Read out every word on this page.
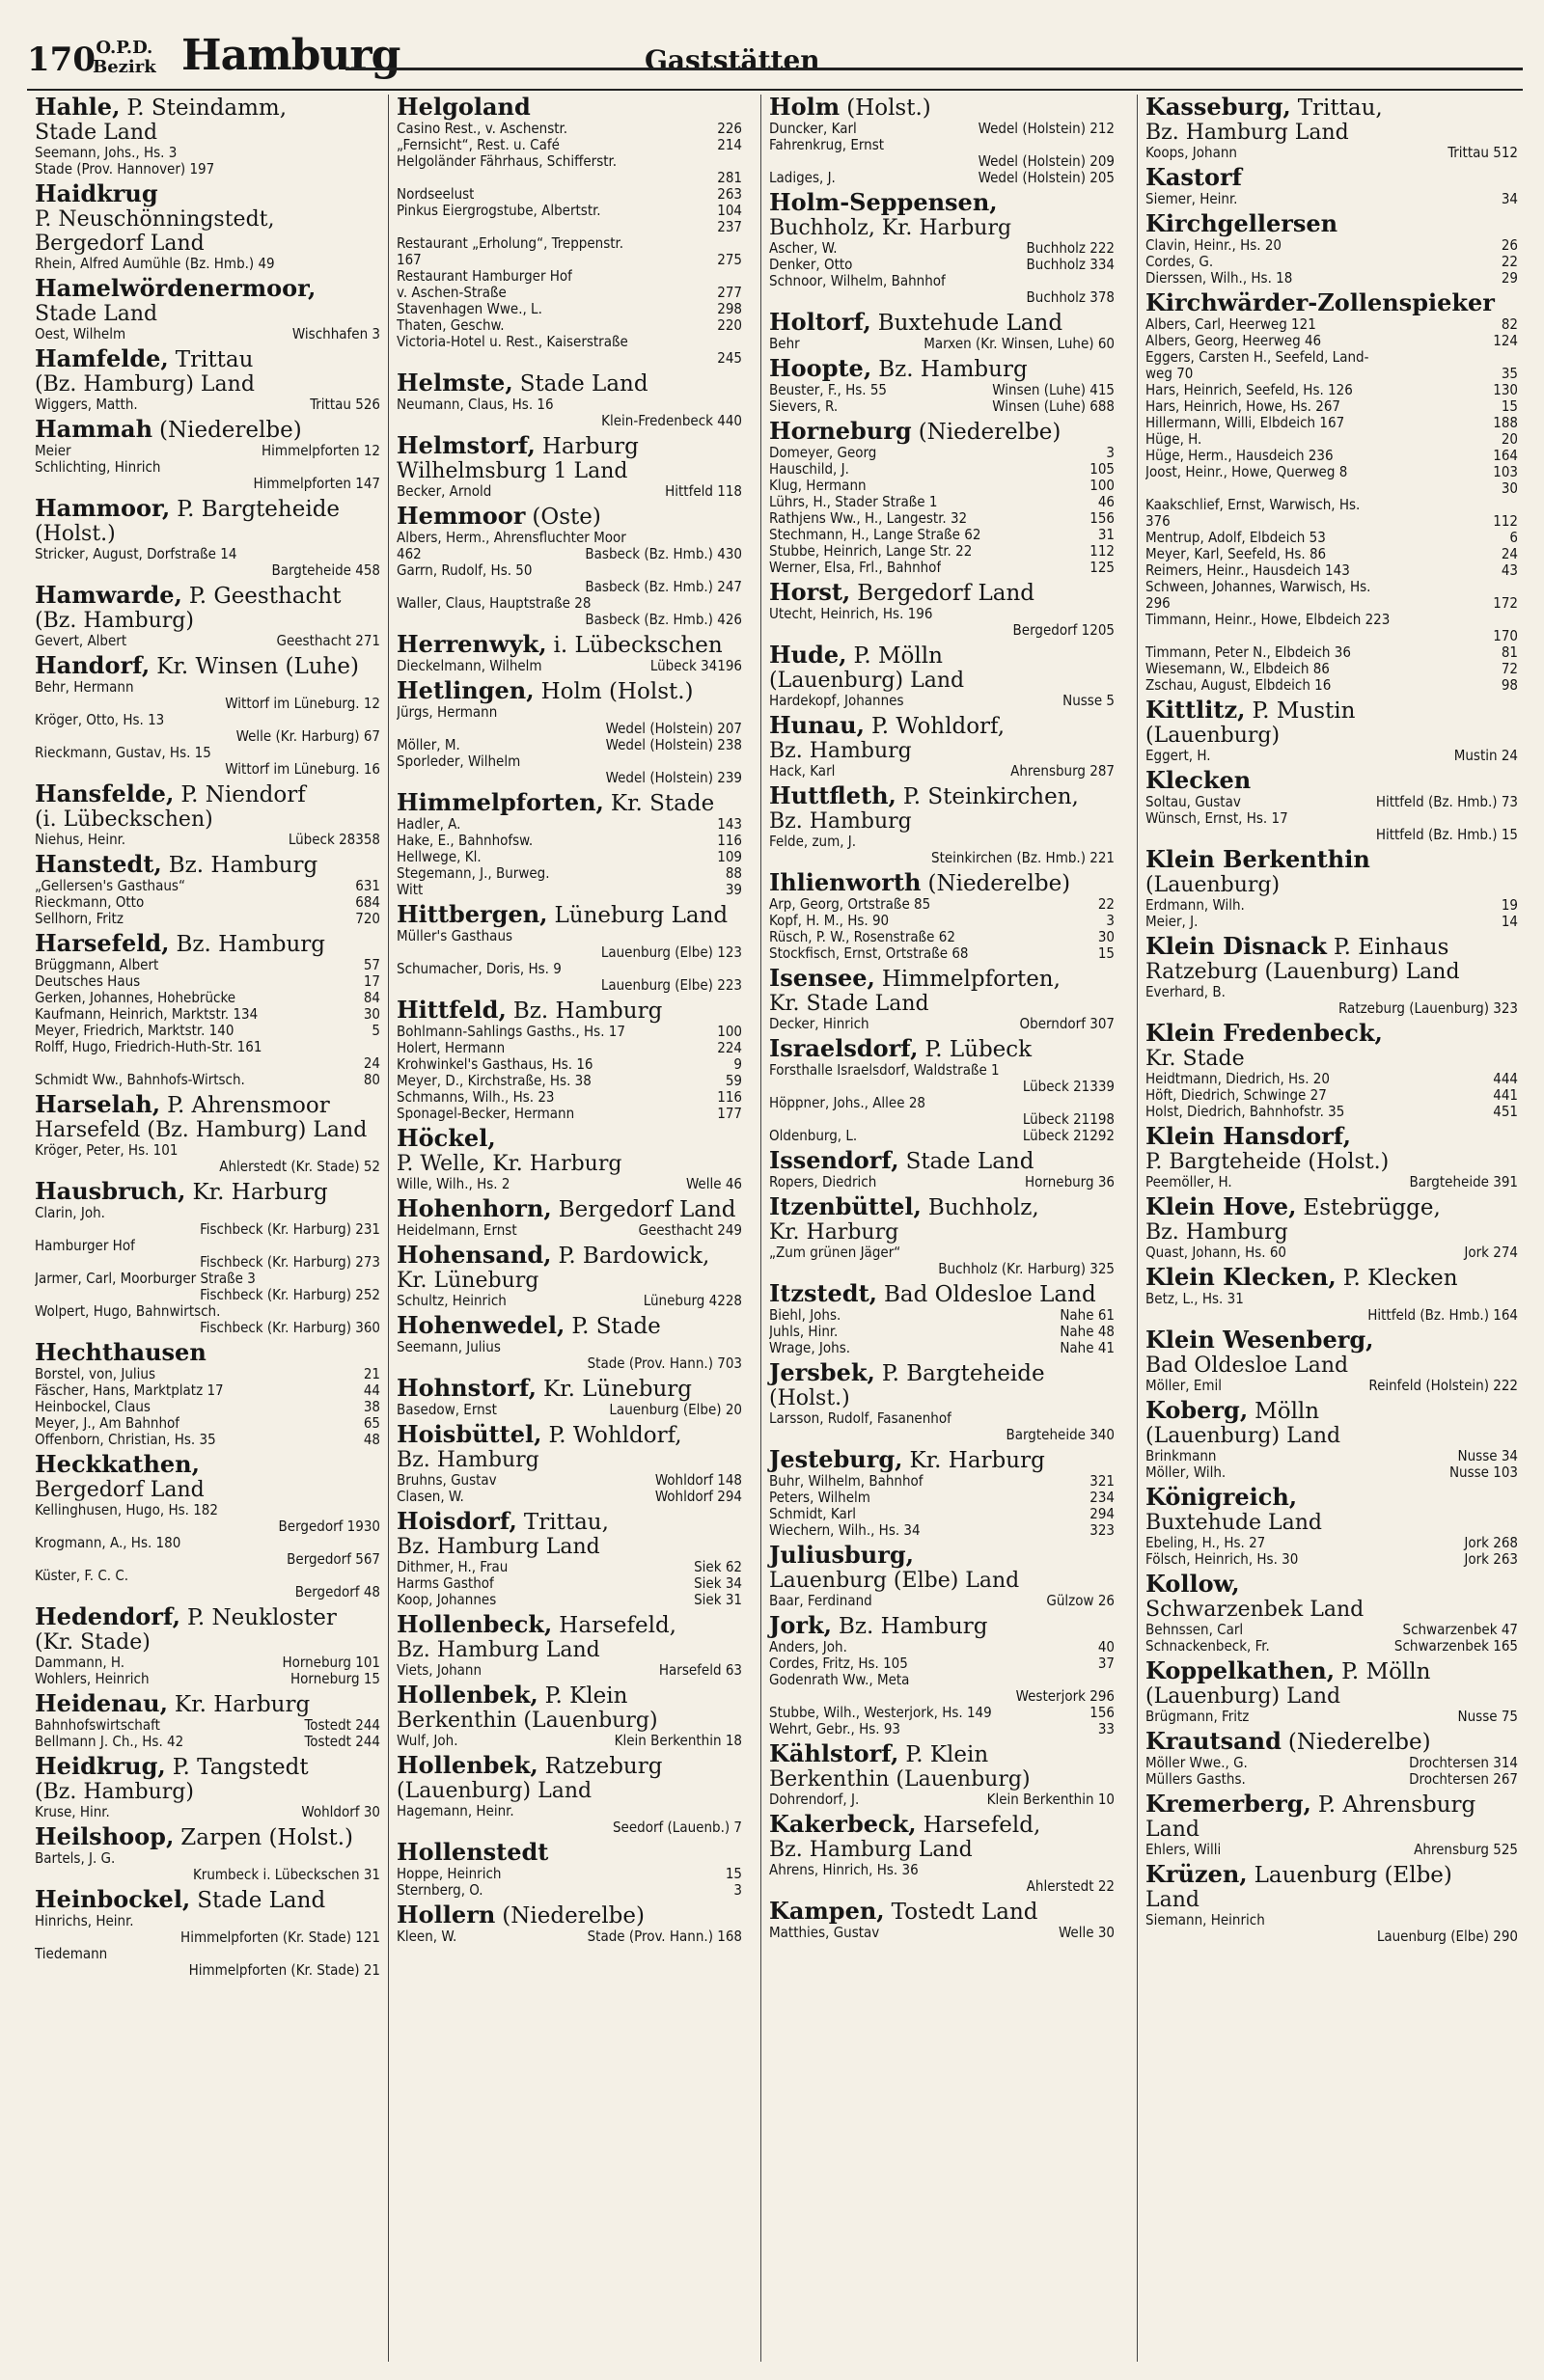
170 O.P.D.
Bezirk Hamburg	Gaststätten
Hahle, P. Steindamm,
Stade Land
Seemann, Johs., Hs. 3
Stade (Prov. Hannover) 197
Haidkrug
P. Neuschönningstedt, Bergedorf Land
Rhein, Alfred Aumühle (Bz. Hmb.) 49
Hamelwördenermoor,
Stade Land
Oest, Wilhelm	Wischhafen 3
Hamfelde, Trittau
(Bz. Hamburg) Land
Wiggers, Matth.	Trittau 526
Hammah (Niederelbe)
Meier	Himmelpforten 12
Schlichting, Hinrich
Himmelpforten 147
Hammoor, P. Bargteheide
(Holst.)
Stricker, August, Dorfstraße 14
Bargteheide 458
Hamwarde, P. Geesthacht
(Bz. Hamburg)
Gevert, Albert	Geesthacht 271
Handorf, Kr. Winsen (Luhe)
Behr, Hermann
Wittorf im Lüneburg. 12
Kröger, Otto, Hs. 13
Welle (Kr. Harburg) 67
Rieckmann, Gustav, Hs. 15
Wittorf im Lüneburg. 16
Hansfelde, P. Niendorf
(i. Lübeckschen)
Niehus, Heinr.	Lübeck 28358
Hanstedt, Bz. Hamburg
„Gellersen's Gasthaus“	631
Rieckmann, Otto	684
Sellhorn, Fritz	720
Harsefeld, Bz. Hamburg
Brüggmann, Albert	57
Deutsches Haus	17
Gerken, Johannes, Hohebrücke	84
Kaufmann, Heinrich, Marktstr. 134	30
Meyer, Friedrich, Marktstr. 140	5
Rolff, Hugo, Friedrich-Huth-Str. 161
24
Schmidt Ww., Bahnhofs-Wirtsch.	80
Harselah, P. Ahrensmoor
Harsefeld (Bz. Hamburg) Land
Kröger, Peter, Hs. 101
Ahlerstedt (Kr. Stade) 52
Hausbruch, Kr. Harburg
Clarin, Joh.
Fischbeck (Kr. Harburg) 231
Hamburger Hof
Fischbeck (Kr. Harburg) 273
Jarmer, Carl, Moorburger Straße 3
Fischbeck (Kr. Harburg) 252
Wolpert, Hugo, Bahnwirtsch.
Fischbeck (Kr. Harburg) 360
Hechthausen
Borstel, von, Julius	21
Fäscher, Hans, Marktplatz 17	44
Heinbockel, Claus	38
Meyer, J., Am Bahnhof	65
Offenborn, Christian, Hs. 35	48
Heckkathen,
Bergedorf Land
Kellinghusen, Hugo, Hs. 182
Bergedorf 1930
Krogmann, A., Hs. 180
Bergedorf 567
Küster, F. C. C.
Bergedorf 48
Hedendorf, P. Neukloster
(Kr. Stade)
Dammann, H.	Horneburg 101
Wohlers, Heinrich	Horneburg 15
Heidenau, Kr. Harburg
Bahnhofswirtschaft	Tostedt 244
Bellmann J. Ch., Hs. 42	Tostedt 244
Heidkrug, P. Tangstedt
(Bz. Hamburg)
Kruse, Hinr.	Wohldorf 30
Heilshoop, Zarpen (Holst.)
Bartels, J. G.
Krumbeck i. Lübeckschen 31
Heinbockel, Stade Land
Hinrichs, Heinr.
Himmelpforten (Kr. Stade) 121
Tiedemann
Himmelpforten (Kr. Stade) 21
Helgoland
Casino Rest., v. Aschenstr.	226
„Fernsicht“, Rest. u. Café	214
Helgoländer Fährhaus, Schifferstr.
281
Nordseelust	263
Pinkus Eiergrogstube, Albertstr.	104
237
Restaurant „Erholung“, Treppenstr.
167	275
Restaurant Hamburger Hof
v. Aschen-Straße	277
Stavenhagen Wwe., L.	298
Thaten, Geschw.	220
Victoria-Hotel u. Rest., Kaiserstraße
245
Helmste, Stade Land
Neumann, Claus, Hs. 16
Klein-Fredenbeck 440
Helmstorf, Harburg
Wilhelmsburg 1 Land
Becker, Arnold	Hittfeld 118
Hemmoor (Oste)
Albers, Herm., Ahrensfluchter Moor
462	Basbeck (Bz. Hmb.) 430
Garrn, Rudolf, Hs. 50
Basbeck (Bz. Hmb.) 247
Waller, Claus, Hauptstraße 28
Basbeck (Bz. Hmb.) 426
Herrenwyk, i. Lübeckschen
Dieckelmann, Wilhelm	Lübeck 34196
Hetlingen, Holm (Holst.)
Jürgs, Hermann
Wedel (Holstein) 207
Möller, M.	Wedel (Holstein) 238
Sporleder, Wilhelm
Wedel (Holstein) 239
Himmelpforten, Kr. Stade
Hadler, A.	143
Hake, E., Bahnhofsw.	116
Hellwege, Kl.	109
Stegemann, J., Burweg.	88
Witt	39
Hittbergen, Lüneburg Land
Müller's Gasthaus
Lauenburg (Elbe) 123
Schumacher, Doris, Hs. 9
Lauenburg (Elbe) 223
Hittfeld, Bz. Hamburg
Bohlmann-Sahlings Gasths., Hs. 17	100
Holert, Hermann	224
Krohwinkel's Gasthaus, Hs. 16	9
Meyer, D., Kirchstraße, Hs. 38	59
Schmanns, Wilh., Hs. 23	116
Sponagel-Becker, Hermann	177
Höckel,
P. Welle, Kr. Harburg
Wille, Wilh., Hs. 2	Welle 46
Hohenhorn, Bergedorf Land
Heidelmann, Ernst	Geesthacht 249
Hohensand, P. Bardowick,
Kr. Lüneburg
Schultz, Heinrich	Lüneburg 4228
Hohenwedel, P. Stade
Seemann, Julius
Stade (Prov. Hann.) 703
Hohnstorf, Kr. Lüneburg
Basedow, Ernst	Lauenburg (Elbe) 20
Hoisbüttel, P. Wohldorf,
Bz. Hamburg
Bruhns, Gustav	Wohldorf 148
Clasen, W.	Wohldorf 294
Hoisdorf, Trittau,
Bz. Hamburg Land
Dithmer, H., Frau	Siek 62
Harms Gasthof	Siek 34
Koop, Johannes	Siek 31
Hollenbeck, Harsefeld,
Bz. Hamburg Land
Viets, Johann	Harsefeld 63
Hollenbek, P. Klein
Berkenthin (Lauenburg)
Wulf, Joh.	Klein Berkenthin 18
Hollenbek, Ratzeburg
(Lauenburg) Land
Hagemann, Heinr.
Seedorf (Lauenb.) 7
Hollenstedt
Hoppe, Heinrich	15
Sternberg, O.	3
Hollern (Niederelbe)
Kleen, W.	Stade (Prov. Hann.) 168
Holm (Holst.)
Duncker, Karl	Wedel (Holstein) 212
Fahrenkrug, Ernst
Wedel (Holstein) 209
Ladiges, J.	Wedel (Holstein) 205
Holm-Seppensen,
Buchholz, Kr. Harburg
Ascher, W.	Buchholz 222
Denker, Otto	Buchholz 334
Schnoor, Wilhelm, Bahnhof
Buchholz 378
Holtorf, Buxtehude Land
Behr	Marxen (Kr. Winsen, Luhe) 60
Hoopte, Bz. Hamburg
Beuster, F., Hs. 55	Winsen (Luhe) 415
Sievers, R.	Winsen (Luhe) 688
Horneburg (Niederelbe)
Domeyer, Georg	3
Hauschild, J.	105
Klug, Hermann	100
Lührs, H., Stader Straße 1	46
Rathjens Ww., H., Langestr. 32	156
Stechmann, H., Lange Straße 62	31
Stubbe, Heinrich, Lange Str. 22	112
Werner, Elsa, Frl., Bahnhof	125
Horst, Bergedorf Land
Utecht, Heinrich, Hs. 196
Bergedorf 1205
Hude, P. Mölln
(Lauenburg) Land
Hardekopf, Johannes	Nusse 5
Hunau, P. Wohldorf,
Bz. Hamburg
Hack, Karl	Ahrensburg 287
Huttfleth, P. Steinkirchen,
Bz. Hamburg
Felde, zum, J.
Steinkirchen (Bz. Hmb.) 221
Ihlienworth (Niederelbe)
Arp, Georg, Ortstraße 85	22
Kopf, H. M., Hs. 90	3
Rüsch, P. W., Rosenstraße 62	30
Stockfisch, Ernst, Ortstraße 68	15
Isensee, Himmelpforten,
Kr. Stade Land
Decker, Hinrich	Oberndorf 307
Israelsdorf, P. Lübeck
Forsthalle Israelsdorf, Waldstraße 1
Lübeck 21339
Höppner, Johs., Allee 28
Lübeck 21198
Oldenburg, L.	Lübeck 21292
Issendorf, Stade Land
Ropers, Diedrich	Horneburg 36
Itzenbüttel, Buchholz,
Kr. Harburg
„Zum grünen Jäger“
Buchholz (Kr. Harburg) 325
Itzstedt, Bad Oldesloe Land
Biehl, Johs.	Nahe 61
Juhls, Hinr.	Nahe 48
Wrage, Johs.	Nahe 41
Jersbek, P. Bargteheide
(Holst.)
Larsson, Rudolf, Fasanenhof
Bargteheide 340
Jesteburg, Kr. Harburg
Buhr, Wilhelm, Bahnhof	321
Peters, Wilhelm	234
Schmidt, Karl	294
Wiechern, Wilh., Hs. 34	323
Juliusburg,
Lauenburg (Elbe) Land
Baar, Ferdinand	Gülzow 26
Jork, Bz. Hamburg
Anders, Joh.	40
Cordes, Fritz, Hs. 105	37
Godenrath Ww., Meta
Westerjork 296
Stubbe, Wilh., Westerjork, Hs. 149	156
Wehrt, Gebr., Hs. 93	33
Kählstorf, P. Klein
Berkenthin (Lauenburg)
Dohrendorf, J.	Klein Berkenthin 10
Kakerbeck, Harsefeld,
Bz. Hamburg Land
Ahrens, Hinrich, Hs. 36
Ahlerstedt 22
Kampen, Tostedt Land
Matthies, Gustav	Welle 30
Kasseburg, Trittau,
Bz. Hamburg Land
Koops, Johann	Trittau 512
Kastorf
Siemer, Heinr.	34
Kirchgellersen
Clavin, Heinr., Hs. 20	26
Cordes, G.	22
Dierssen, Wilh., Hs. 18	29
Kirchwärder-Zollenspieker
Albers, Carl, Heerweg 121	82
Albers, Georg, Heerweg 46	124
Eggers, Carsten H., Seefeld, Land-
weg 70	35
Hars, Heinrich, Seefeld, Hs. 126	130
Hars, Heinrich, Howe, Hs. 267	15
Hillermann, Willi, Elbdeich 167	188
Hüge, H.	20
Hüge, Herm., Hausdeich 236	164
Joost, Heinr., Howe, Querweg 8	103
30
Kaakschlief, Ernst, Warwisch, Hs.
376	112
Mentrup, Adolf, Elbdeich 53	6
Meyer, Karl, Seefeld, Hs. 86	24
Reimers, Heinr., Hausdeich 143	43
Schween, Johannes, Warwisch, Hs.
296	172
Timmann, Heinr., Howe, Elbdeich 223
170
Timmann, Peter N., Elbdeich 36	81
Wiesemann, W., Elbdeich 86	72
Zschau, August, Elbdeich 16	98
Kittlitz, P. Mustin
(Lauenburg)
Eggert, H.	Mustin 24
Klecken
Soltau, Gustav	Hittfeld (Bz. Hmb.) 73
Wünsch, Ernst, Hs. 17
Hittfeld (Bz. Hmb.) 15
Klein Berkenthin
(Lauenburg)
Erdmann, Wilh.	19
Meier, J.	14
Klein Disnack P. Einhaus
Ratzeburg (Lauenburg) Land
Everhard, B.
Ratzeburg (Lauenburg) 323
Klein Fredenbeck,
Kr. Stade
Heidtmann, Diedrich, Hs. 20	444
Höft, Diedrich, Schwinge 27	441
Holst, Diedrich, Bahnhofstr. 35	451
Klein Hansdorf,
P. Bargteheide (Holst.)
Peemöller, H.	Bargteheide 391
Klein Hove, Estebrügge,
Bz. Hamburg
Quast, Johann, Hs. 60	Jork 274
Klein Klecken, P. Klecken
Betz, L., Hs. 31
Hittfeld (Bz. Hmb.) 164
Klein Wesenberg,
Bad Oldesloe Land
Möller, Emil	Reinfeld (Holstein) 222
Koberg, Mölln
(Lauenburg) Land
Brinkmann	Nusse 34
Möller, Wilh.	Nusse 103
Königreich,
Buxtehude Land
Ebeling, H., Hs. 27	Jork 268
Fölsch, Heinrich, Hs. 30	Jork 263
Kollow,
Schwarzenbek Land
Behnssen, Carl	Schwarzenbek 47
Schnackenbeck, Fr.	Schwarzenbek 165
Koppelkathen, P. Mölln
(Lauenburg) Land
Brügmann, Fritz	Nusse 75
Krautsand (Niederelbe)
Möller Wwe., G.	Drochtersen 314
Müllers Gasths.	Drochtersen 267
Kremerberg, P. Ahrensburg
Land
Ehlers, Willi	Ahrensburg 525
Krüzen, Lauenburg (Elbe)
Land
Siemann, Heinrich
Lauenburg (Elbe) 290
